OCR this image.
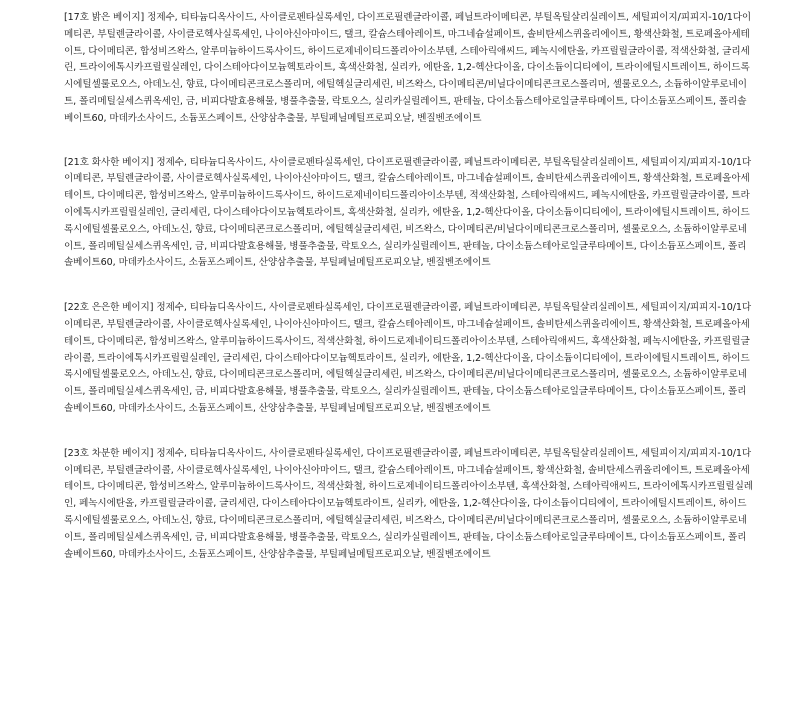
[17호 밝은 베이지] 정제수, 티타늄디옥사이드, 사이클로펜타실록세인, 다이프로필렌글라이콜, 페닐트라이메티콘, 부틸옥틸살리실레이트, 세틸피이지/피피지-10/1다이메티콘, 부틸렌글라이콜, 사이클로헥사실록세인, 나이아신아마이드, 탤크, 칼슘스테아레이트, 마그네슘설페이트, 솔비탄세스퀴올리에이트, 황색산화철, 트로페올아세테이트, 다이메티콘, 합성비즈왁스, 알루미늄하이드록사이드, 하이드로제네이티드폴리아이소부텐, 스테아릭애씨드, 페녹시에탄올, 카프릴릴글라이콜, 적색산화철, 글리세린, 트라이에톡시카프릴릴실레인, 다이스테아다이모늄헥토라이트, 흑색산화철, 실리카, 에탄올, 1,2-헥산다이올, 다이소듐이디티에이, 트라이에틸시트레이트, 하이드록시에틸셀룰로오스, 아데노신, 향료, 다이메티콘크로스폴리머, 에틸헥실글리세린, 비즈왁스, 다이메티콘/비닐다이메티콘크로스폴리머, 셀룰로오스, 소듐하이알루로네이트, 폴리메틸실세스퀴옥세인, 금, 비피다발효용해물, 병풀추출물, 락토오스, 실리카실릴레이트, 판테놀, 다이소듐스테아로일글루타메이트, 다이소듐포스페이트, 폴리솔베이트60, 마데카소사이드, 소듐포스페이트, 산양삼추출물, 부틸페닐메틸프로피오날, 벤질벤조에이트

[21호 화사한 베이지] 정제수, 티타늄디옥사이드, 사이클로펜타실록세인, 다이프로필렌글라이콜, 페닐트라이메티콘, 부틸옥틸살리실레이트, 세틸피이지/피피지-10/1다이메티콘, 부틸렌글라이콜, 사이클로헥사실록세인, 나이아신아마이드, 탤크, 칼슘스테아레이트, 마그네슘설페이트, 솔비탄세스퀴올리에이트, 황색산화철, 트로페올아세테이트, 다이메티콘, 합성비즈왁스, 알루미늄하이드록사이드, 하이드로제네이티드폴리아이소부텐, 적색산화철, 스테아릭애씨드, 페녹시에탄올, 카프릴릴글라이콜, 트라이에톡시카프릴릴실레인, 글리세린, 다이스테아다이모늄헥토라이트, 흑색산화철, 실리카, 에탄올, 1,2-헥산다이올, 다이소듐이디티에이, 트라이에틸시트레이트, 하이드록시에틸셀룰로오스, 아데노신, 향료, 다이메티콘크로스폴리머, 에틸헥실글리세린, 비즈왁스, 다이메티콘/비닐다이메티콘크로스폴리머, 셀룰로오스, 소듐하이알루로네이트, 폴리메틸실세스퀴옥세인, 금, 비피다발효용해물, 병풀추출물, 락토오스, 실리카실릴레이트, 판테놀, 다이소듐스테아로일글루타메이트, 다이소듐포스페이트, 폴리솔베이트60, 마데카소사이드, 소듐포스페이트, 산양삼추출물, 부틸페닐메틸프로피오날, 벤질벤조에이트

[22호 은은한 베이지] 정제수, 티타늄디옥사이드, 사이클로펜타실록세인, 다이프로필렌글라이콜, 페닐트라이메티콘, 부틸옥틸살리실레이트, 세틸피이지/피피지-10/1다이메티콘, 부틸렌글라이콜, 사이클로헥사실록세인, 나이아신아마이드, 탤크, 칼슘스테아레이트, 마그네슘설페이트, 솔비탄세스퀴올리에이트, 황색산화철, 트로페올아세테이트, 다이메티콘, 합성비즈왁스, 알루미늄하이드록사이드, 적색산화철, 하이드로제네이티드폴리아이소부텐, 스테아릭애씨드, 흑색산화철, 페녹시에탄올, 카프릴릴글라이콜, 트라이에톡시카프릴릴실레인, 글리세린, 다이스테아다이모늄헥토라이트, 실리카, 에탄올, 1,2-헥산다이올, 다이소듐이디티에이, 트라이에틸시트레이트, 하이드록시에틸셀룰로오스, 아데노신, 향료, 다이메티콘크로스폴리머, 에틸헥실글리세린, 비즈왁스, 다이메티콘/비닐다이메티콘크로스폴리머, 셀룰로오스, 소듐하이알루로네이트, 폴리메틸실세스퀴옥세인, 금, 비피다발효용해물, 병풀추출물, 락토오스, 실리카실릴레이트, 판테놀, 다이소듐스테아로일글루타메이트, 다이소듐포스페이트, 폴리솔베이트60, 마데카소사이드, 소듐포스페이트, 산양삼추출물, 부틸페닐메틸프로피오날, 벤질벤조에이트

[23호 차분한 베이지] 정제수, 티타늄디옥사이드, 사이클로펜타실록세인, 다이프로필렌글라이콜, 페닐트라이메티콘, 부틸옥틸살리실레이트, 세틸피이지/피피지-10/1다이메티콘, 부틸렌글라이콜, 사이클로헥사실록세인, 나이아신아마이드, 탤크, 칼슘스테아레이트, 마그네슘설페이트, 황색산화철, 솔비탄세스퀴올리에이트, 트로페올아세테이트, 다이메티콘, 합성비즈왁스, 알루미늄하이드록사이드, 적색산화철, 하이드로제네이티드폴리아이소부텐, 흑색산화철, 스테아릭애씨드, 트라이에톡시카프릴릴실레인, 페녹시에탄올, 카프릴릴글라이콜, 글리세린, 다이스테아다이모늄헥토라이트, 실리카, 에탄올, 1,2-헥산다이올, 다이소듐이디티에이, 트라이에틸시트레이트, 하이드록시에틸셀룰로오스, 아데노신, 향료, 다이메티콘크로스폴리머, 에틸헥실글리세린, 비즈왁스, 다이메티콘/비닐다이메티콘크로스폴리머, 셀룰로오스, 소듐하이알루로네이트, 폴리메틸실세스퀴옥세인, 금, 비피다발효용해물, 병풀추출물, 락토오스, 실리카실릴레이트, 판테놀, 다이소듐스테아로일글루타메이트, 다이소듐포스페이트, 폴리솔베이트60, 마데카소사이드, 소듐포스페이트, 산양삼추출물, 부틸페닐메틸프로피오날, 벤질벤조에이트
